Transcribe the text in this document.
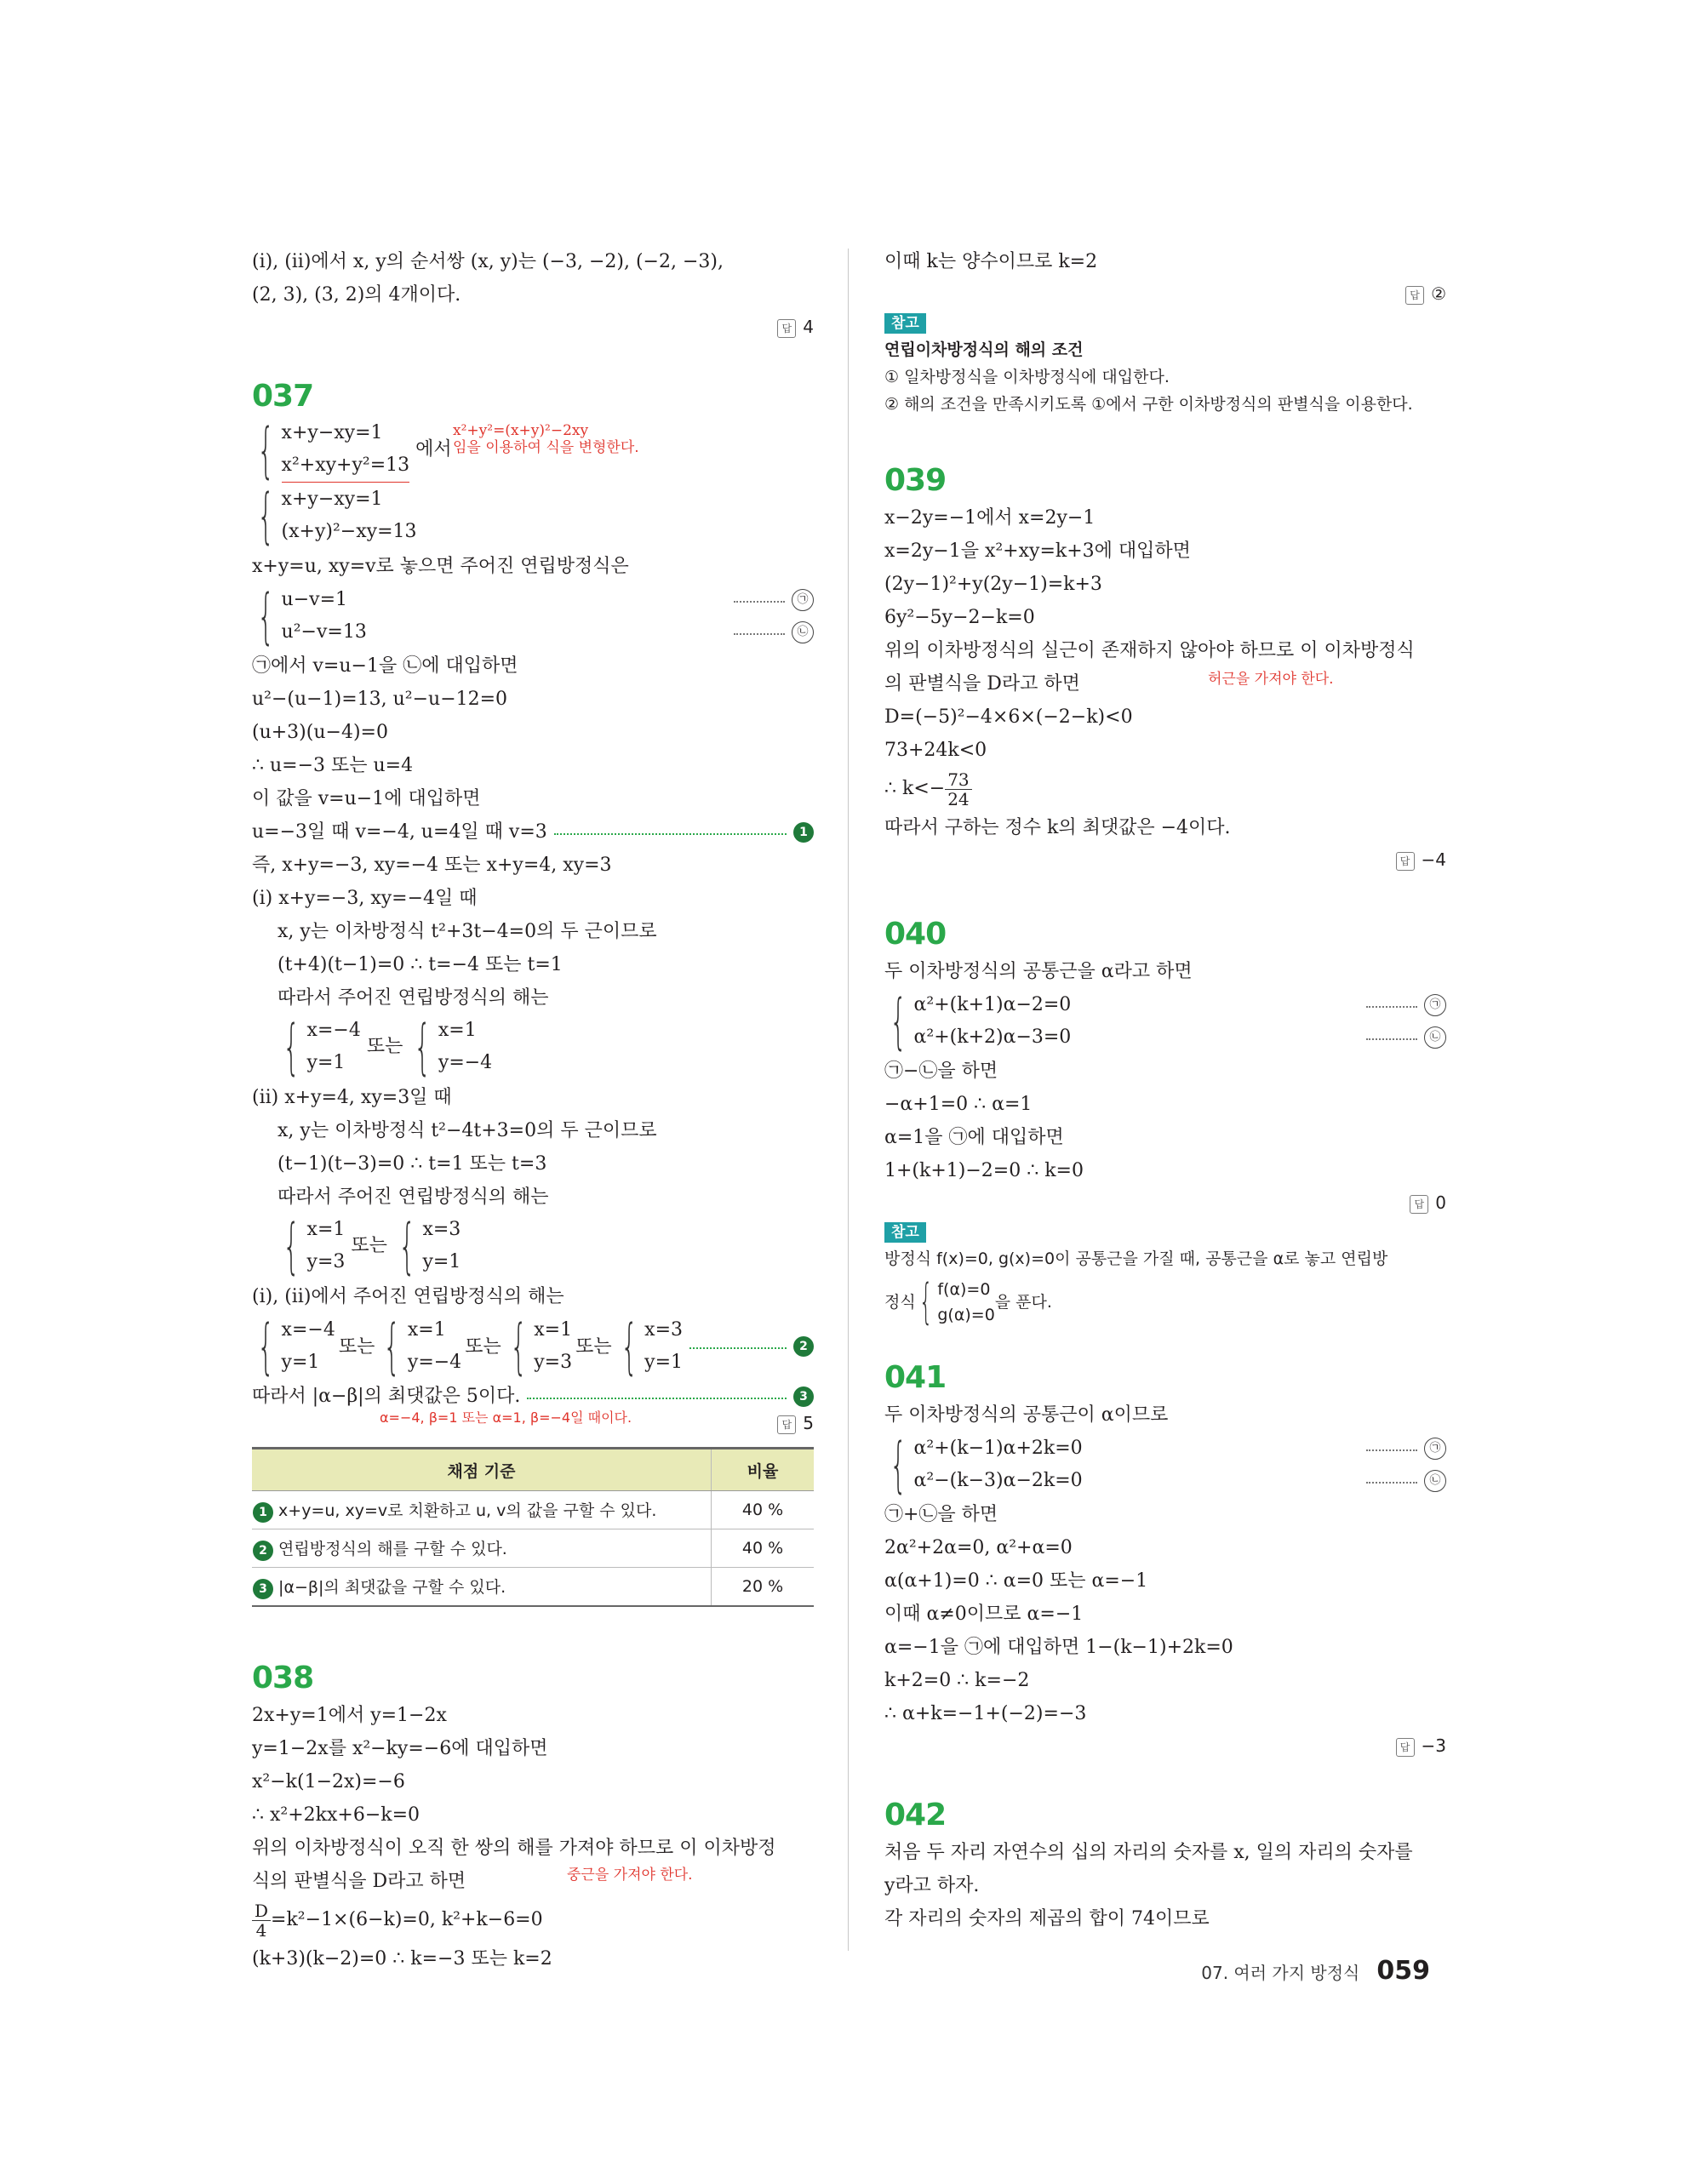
(ⅰ), (ⅱ)에서 x, y의 순서쌍 (x, y)는 (−3, −2), (−2, −3),
(2, 3), (3, 2)의 4개이다.
답 4
037
{ x+y−xy=1
x²+xy+y²=13
에서
x²+y²=(x+y)²−2xy
임을 이용하여 식을 변형한다.
{ x+y−xy=1
(x+y)²−xy=13
x+y=u, xy=v로 놓으면 주어진 연립방정식은
{ u−v=1	㉠
u²−v=13	㉡
㉠에서 v=u−1을 ㉡에 대입하면
u²−(u−1)=13, u²−u−12=0
(u+3)(u−4)=0
∴ u=−3 또는 u=4
이 값을 v=u−1에 대입하면
u=−3일 때 v=−4, u=4일 때 v=3	1
즉, x+y=−3, xy=−4 또는 x+y=4, xy=3
(ⅰ) x+y=−3, xy=−4일 때
x, y는 이차방정식 t²+3t−4=0의 두 근이므로
(t+4)(t−1)=0 ∴ t=−4 또는 t=1
따라서 주어진 연립방정식의 해는
{ x=−4
y=1
또는 { x=1
y=−4
(ⅱ) x+y=4, xy=3일 때
x, y는 이차방정식 t²−4t+3=0의 두 근이므로
(t−1)(t−3)=0 ∴ t=1 또는 t=3
따라서 주어진 연립방정식의 해는
{ x=1
y=3
또는 { x=3
y=1
(ⅰ), (ⅱ)에서 주어진 연립방정식의 해는
{ x=−4
y=1
또는 { x=1
y=−4
또는 { x=1
y=3
또는 { x=3
y=1
2
따라서 |α−β|의 최댓값은 5이다.	3
α=−4, β=1 또는 α=1, β=−4일 때이다.	답 5
채점 기준	비율
1 x+y=u, xy=v로 치환하고 u, v의 값을 구할 수 있다.	40 %
2 연립방정식의 해를 구할 수 있다.	40 %
3 |α−β|의 최댓값을 구할 수 있다.	20 %
038
2x+y=1에서 y=1−2x
y=1−2x를 x²−ky=−6에 대입하면
x²−k(1−2x)=−6
∴ x²+2kx+6−k=0
위의 이차방정식이 오직 한 쌍의 해를 가져야 하므로 이 이차방정
식의 판별식을 D라고 하면	중근을 가져야 한다.
$\frac{D}{4} =k^2-1\times(6-k)=0$, k²+k−6=0
(k+3)(k−2)=0 ∴ k=−3 또는 k=2
이때 k는 양수이므로 k=2
답 ②
참고
연립이차방정식의 해의 조건
① 일차방정식을 이차방정식에 대입한다.
② 해의 조건을 만족시키도록 ①에서 구한 이차방정식의 판별식을 이용한다.
039
x−2y=−1에서 x=2y−1
x=2y−1을 x²+xy=k+3에 대입하면
(2y−1)²+y(2y−1)=k+3
6y²−5y−2−k=0
위의 이차방정식의 실근이 존재하지 않아야 하므로 이 이차방정식
의 판별식을 D라고 하면	허근을 가져야 한다.
D=(−5)²−4×6×(−2−k)<0
73+24k<0
∴ $k<- \frac{73}{24}$
따라서 구하는 정수 k의 최댓값은 −4이다.
답 −4
040
두 이차방정식의 공통근을 α라고 하면
{ α²+(k+1)α−2=0	㉠
α²+(k+2)α−3=0	㉡
㉠−㉡을 하면
−α+1=0 ∴ α=1
α=1을 ㉠에 대입하면
1+(k+1)−2=0 ∴ k=0
답 0
참고
방정식 f(x)=0, g(x)=0이 공통근을 가질 때, 공통근을 α로 놓고 연립방

정식 { f(α)=0
g(α)=0
을 푼다.
041
두 이차방정식의 공통근이 α이므로
{ α²+(k−1)α+2k=0	㉠
α²−(k−3)α−2k=0	㉡
㉠+㉡을 하면
2α²+2α=0, α²+α=0
α(α+1)=0 ∴ α=0 또는 α=−1
이때 α≠0이므로 α=−1
α=−1을 ㉠에 대입하면 1−(k−1)+2k=0
k+2=0 ∴ k=−2
∴ α+k=−1+(−2)=−3
답 −3
042
처음 두 자리 자연수의 십의 자리의 숫자를 x, 일의 자리의 숫자를
y라고 하자.
각 자리의 숫자의 제곱의 합이 74이므로
07. 여러 가지 방정식 059
